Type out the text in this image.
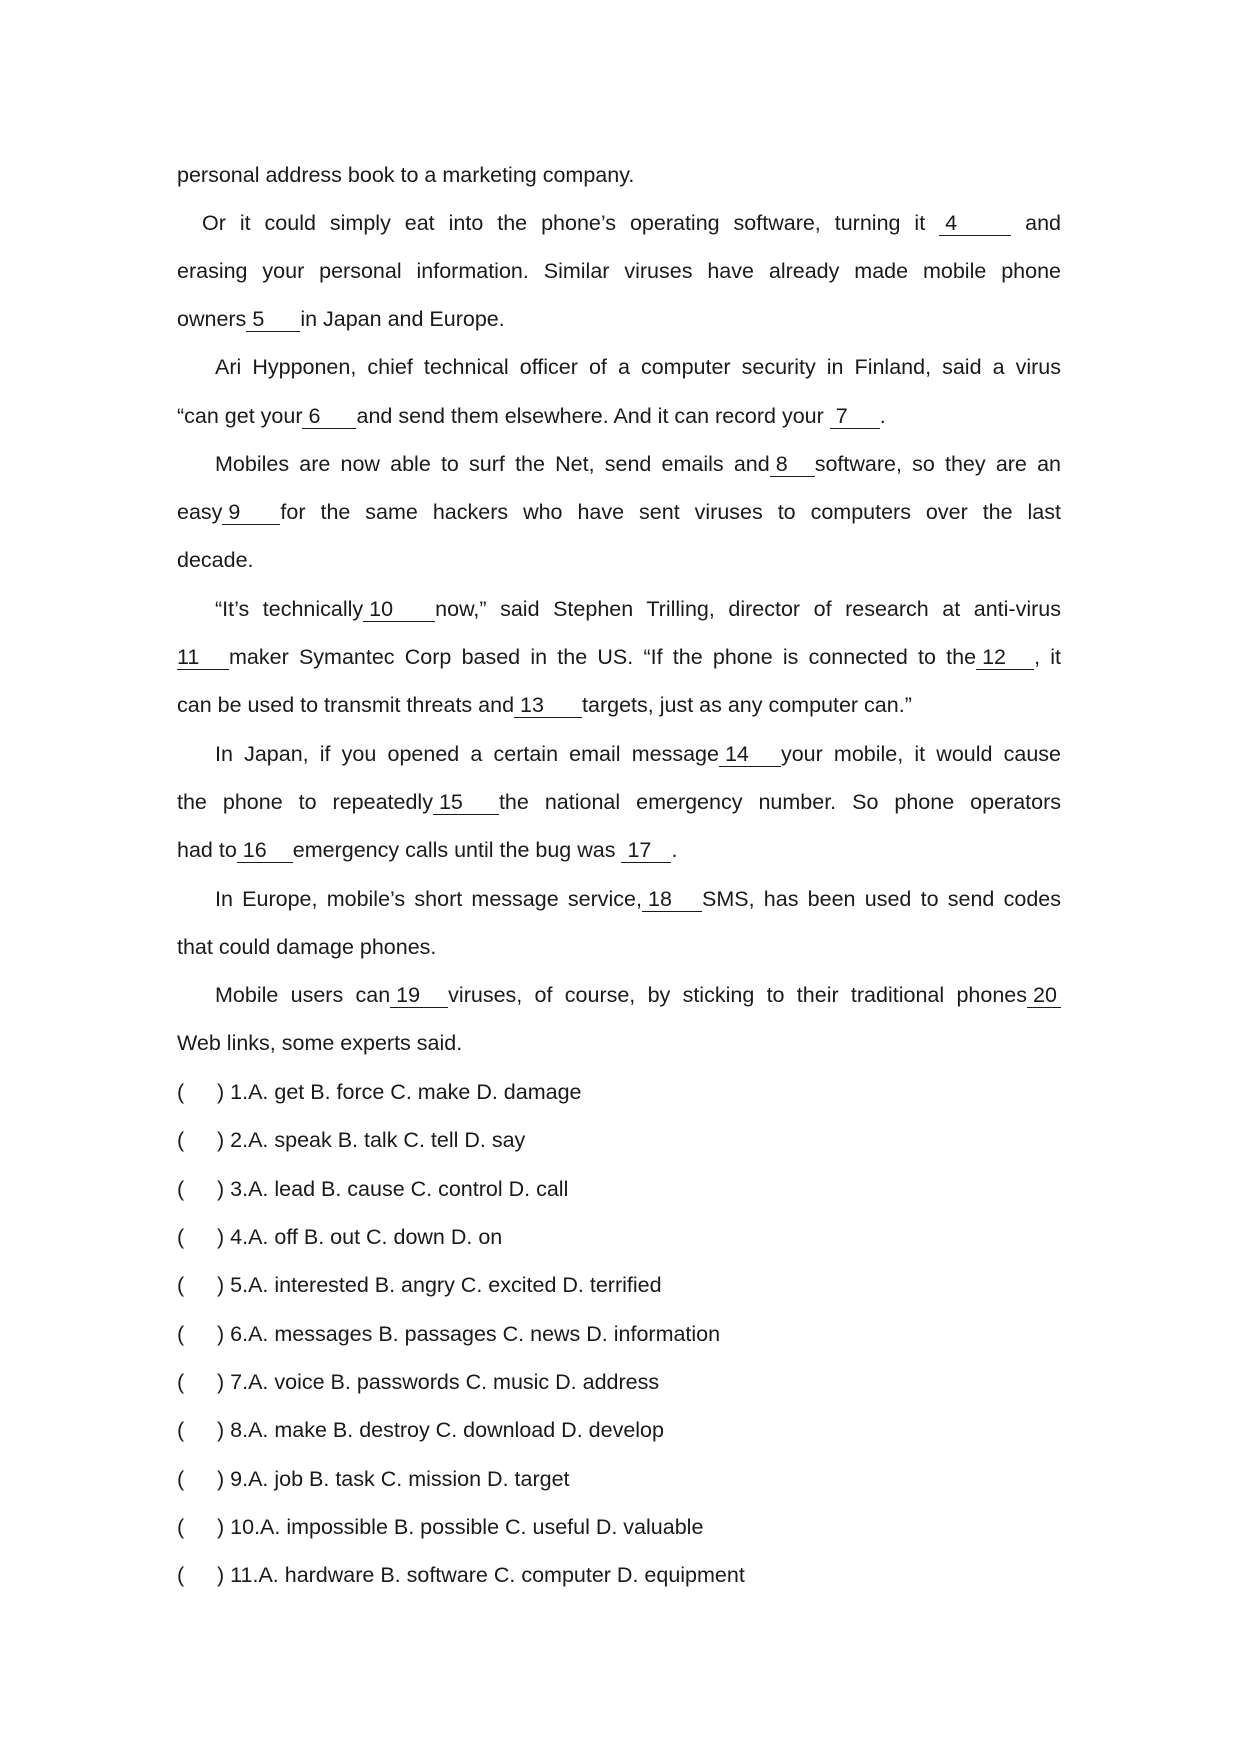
personal address book to a marketing company.
Or it could simply eat into the phone’s operating software, turning it 4	and
erasing your personal information. Similar viruses have already made mobile phone
owners 5 in Japan and Europe.
Ari Hypponen, chief technical officer of a computer security in Finland, said a virus
“can get your 6 and send them elsewhere. And it can record your 7 .
Mobiles are now able to surf the Net, send emails and 8 software, so they are an
easy 9 for the same hackers who have sent viruses to computers over the last
decade.
“It’s technically 10 now,” said Stephen Trilling, director of research at anti-virus
11 maker Symantec Corp based in the US. “If the phone is connected to the 12 , it
can be used to transmit threats and 13 targets, just as any computer can.”
In Japan, if you opened a certain email message 14 your mobile, it would cause
the phone to repeatedly 15 the national emergency number. So phone operators
had to 16 emergency calls until the bug was 17 .
In Europe, mobile’s short message service, 18 SMS, has been used to send codes
that could damage phones.
Mobile users can 19 viruses, of course, by sticking to their traditional phones 20
Web links, some experts said.
( ) 1.A. get B. force C. make D. damage
( ) 2.A. speak B. talk C. tell D. say
( ) 3.A. lead B. cause C. control D. call
( ) 4.A. off B. out C. down D. on
( ) 5.A. interested B. angry C. excited D. terrified
( ) 6.A. messages B. passages C. news D. information
( ) 7.A. voice B. passwords C. music D. address
( ) 8.A. make B. destroy C. download D. develop
( ) 9.A. job B. task C. mission D. target
( ) 10.A. impossible B. possible C. useful D. valuable
( ) 11.A. hardware B. software C. computer D. equipment
